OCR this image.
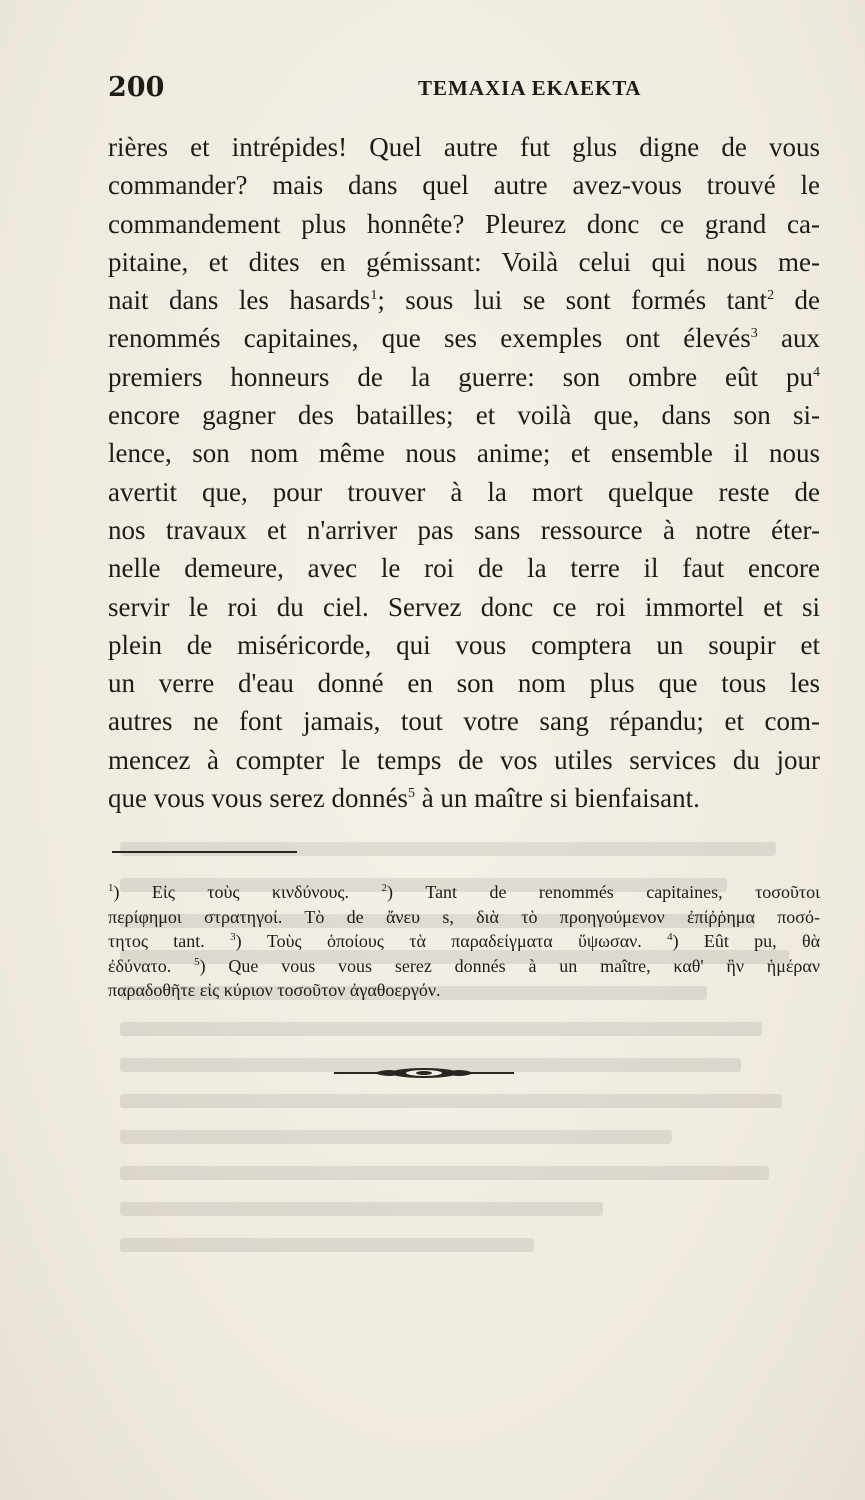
200	ΤΕΜΑΧΙΑ ΕΚΛΕΚΤΑ
rières et intrépides! Quel autre fut glus digne de vous
commander? mais dans quel autre avez-vous trouvé le
commandement plus honnête? Pleurez donc ce grand ca-
pitaine, et dites en gémissant: Voilà celui qui nous me-
nait dans les hasards$^1$; sous lui se sont formés tant$^2$ de
renommés capitaines, que ses exemples ont élevés$^3$ aux
premiers honneurs de la guerre: son ombre eût $pu^4$
encore gagner des batailles; et voilà que, dans son si-
lence, son nom même nous anime; et ensemble il nous
avertit que, pour trouver à la mort quelque reste de
nos travaux et n'arriver pas sans ressource à notre éter-
nelle demeure, avec le roi de la terre il faut encore
servir le roi du ciel. Servez donc ce roi immortel et si
plein de miséricorde, qui vous comptera un soupir et
un verre d'eau donné en son nom plus que tous les
autres ne font jamais, tout votre sang répandu; et com-
mencez à compter le temps de vos utiles services du jour
que vous vous serez donnés$^5$ à un maître si bienfaisant.
$^1$) Εἰς τοὺς κινδύνους. $^2$) Tant de renommés capitaines, τοσοῦτοι
περίφημοι στρατηγοί. Τὸ de ἄνευ s, διὰ τὸ προηγούμενον ἐπίῤῥημα ποσό-
τητος tant. $^3$) Τοὺς ὁποίους τὰ παραδείγματα ὕψωσαν. $^4$) Eût pu, θὰ
ἐδύνατο. $^5$) Que vous vous serez donnés à un maître, καθ' ἣν ἡμέραν
παραδοθῆτε εἰς κύριον τοσοῦτον ἀγαθοεργόν.
